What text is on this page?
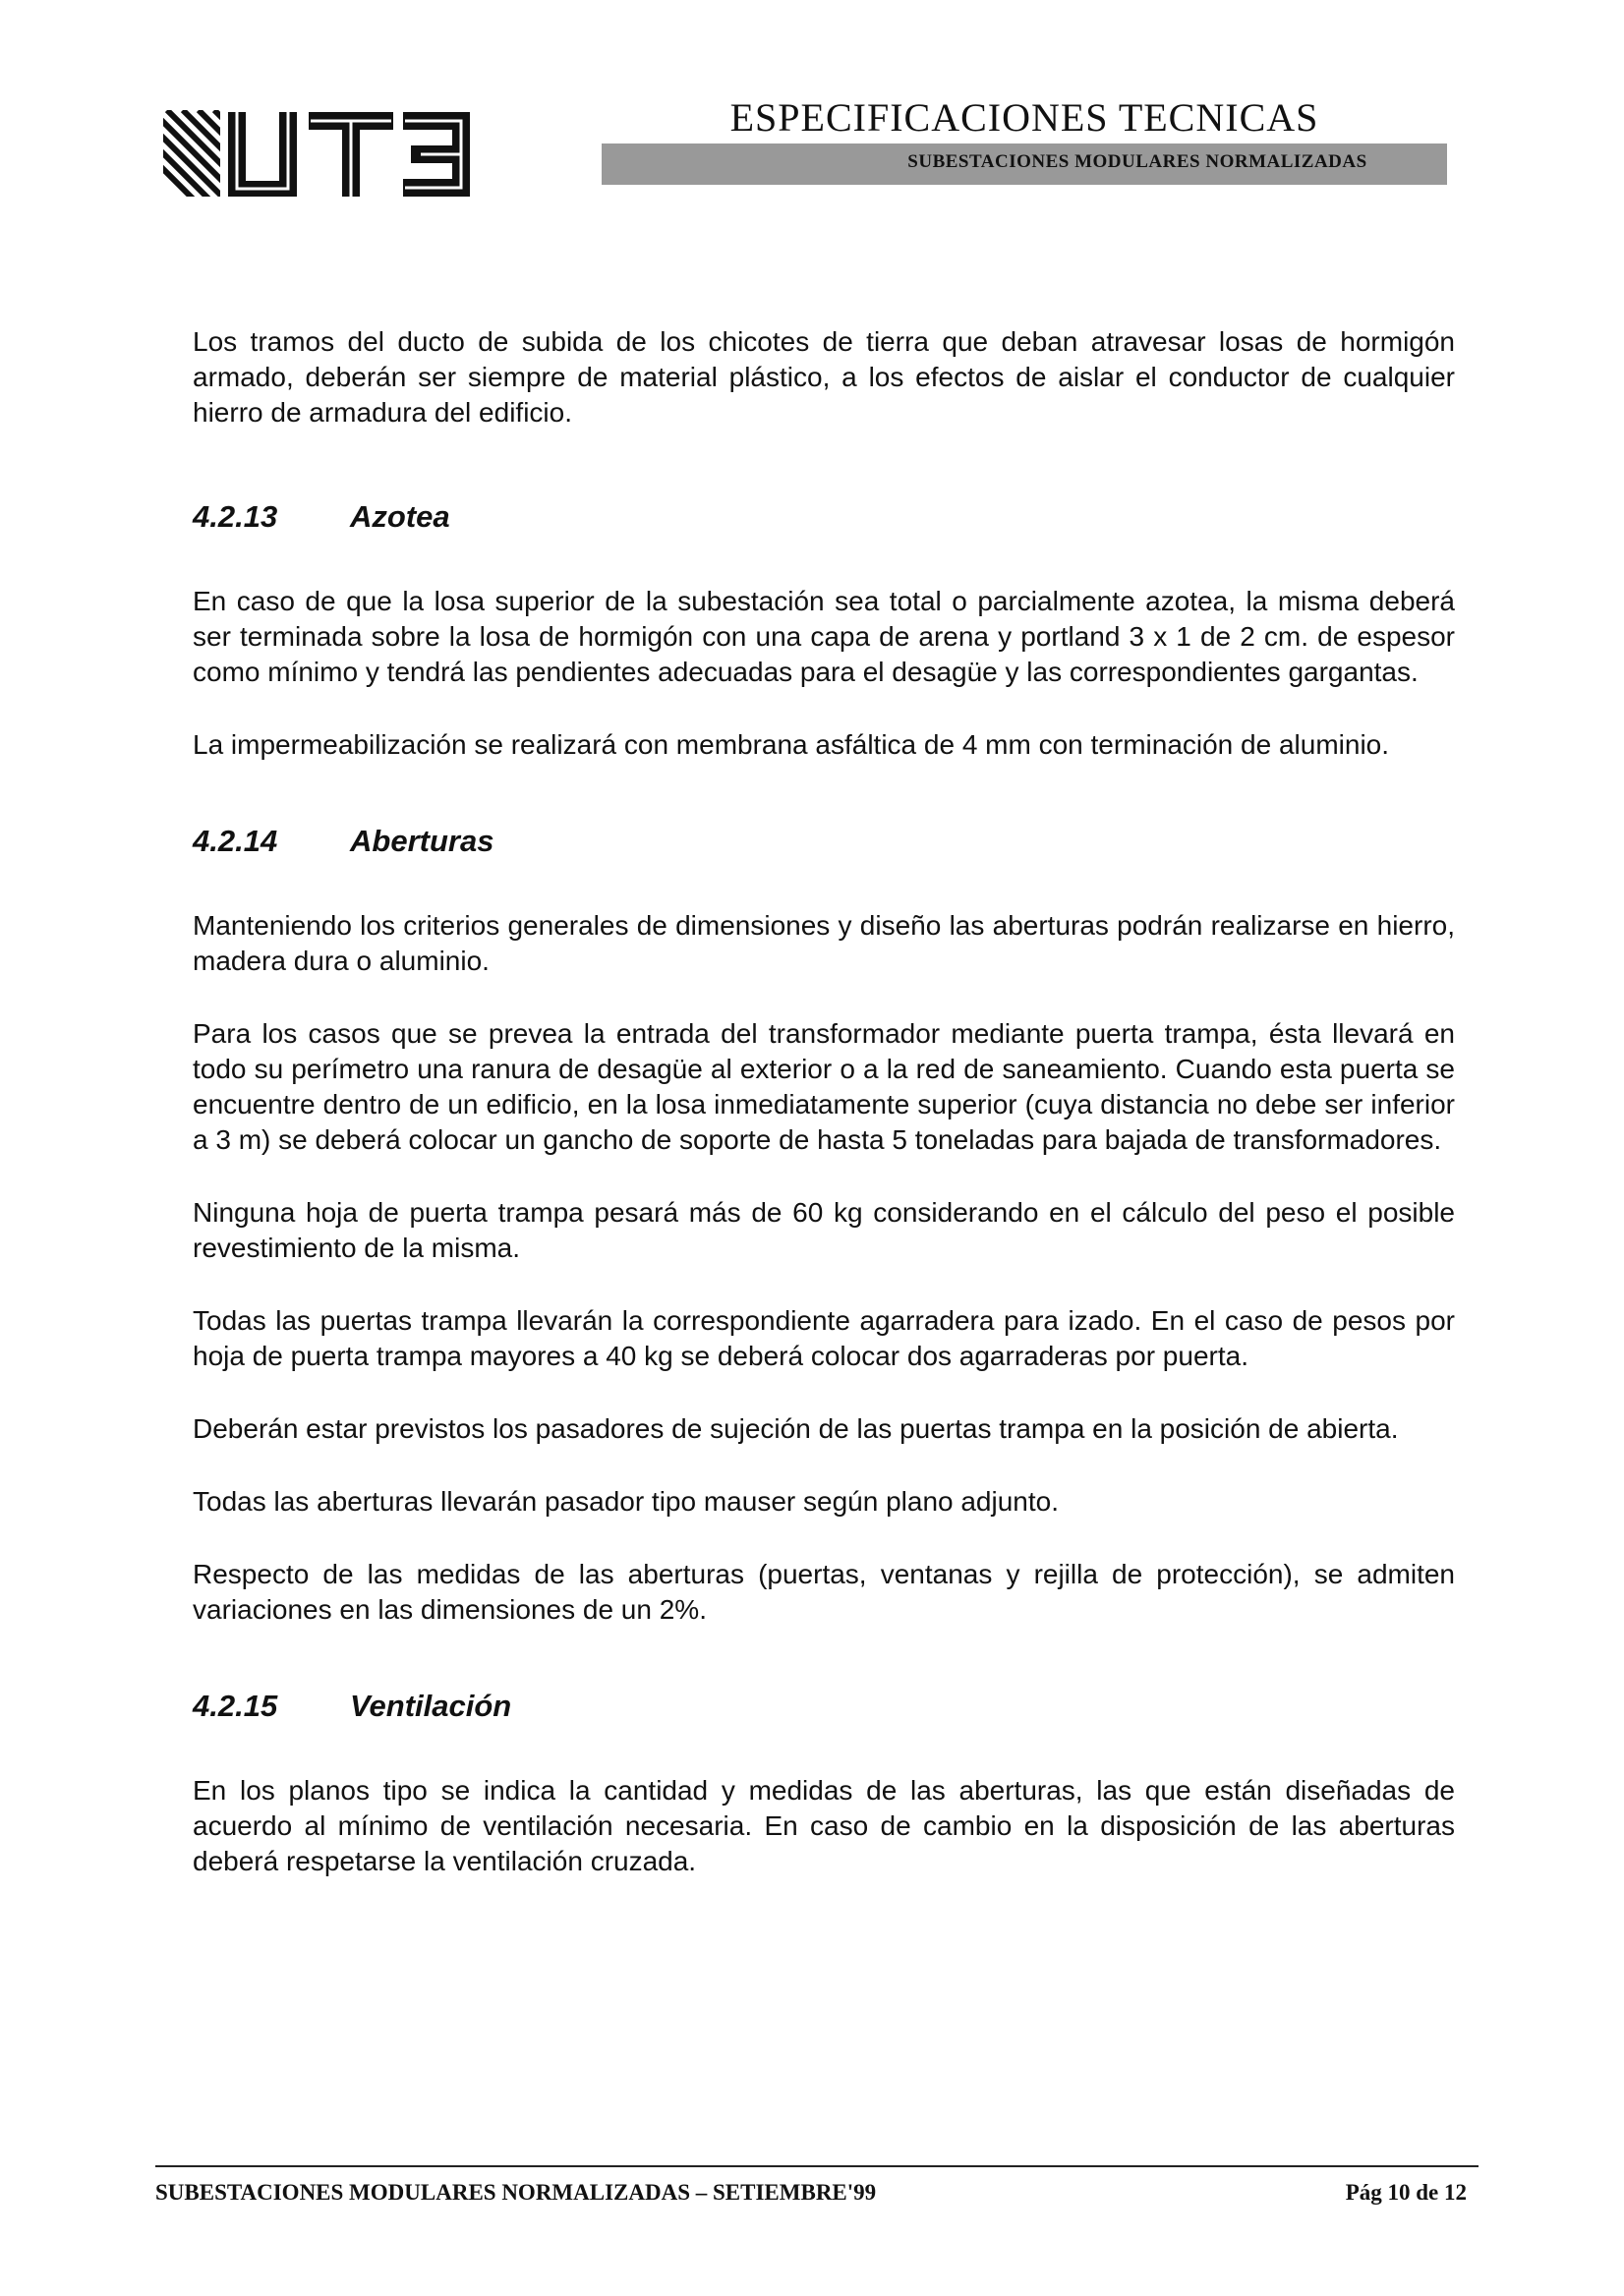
ESPECIFICACIONES TECNICAS
SUBESTACIONES MODULARES NORMALIZADAS

Los tramos del ducto de subida de los chicotes de tierra que deban atravesar losas de hormigón armado, deberán ser siempre de material plástico, a los efectos de aislar el conductor de cualquier hierro de armadura del edificio.

4.2.13	Azotea

En caso de que la losa superior de la subestación sea total o parcialmente azotea, la misma deberá ser terminada sobre la losa de hormigón con una capa de arena y portland 3 x 1 de 2 cm. de espesor como mínimo y tendrá las pendientes adecuadas para el desagüe y las correspondientes gargantas.

La impermeabilización se realizará con membrana asfáltica de 4 mm con terminación de aluminio.

4.2.14	Aberturas

Manteniendo los criterios generales de dimensiones y diseño las aberturas podrán realizarse en hierro, madera dura o aluminio.

Para los casos que se prevea la entrada del transformador mediante puerta trampa, ésta llevará en todo su perímetro una ranura de desagüe al exterior o a la red de saneamiento. Cuando esta puerta se encuentre dentro de un edificio, en la losa inmediatamente superior (cuya distancia no debe ser inferior a 3 m) se deberá colocar un gancho de soporte de hasta 5 toneladas para bajada de transformadores.

Ninguna hoja de puerta trampa pesará más de 60 kg considerando en el cálculo del peso el posible revestimiento de la misma.

Todas las puertas trampa llevarán la correspondiente agarradera para izado. En el caso de pesos por hoja de puerta trampa mayores a 40 kg se deberá colocar dos agarraderas por puerta.

Deberán estar previstos los pasadores de sujeción de las puertas trampa en la posición de abierta.

Todas las aberturas llevarán pasador tipo mauser según plano adjunto.

Respecto de las medidas de las aberturas (puertas, ventanas y rejilla de protección), se admiten variaciones en las dimensiones de un 2%.

4.2.15	Ventilación

En los planos tipo se indica la cantidad y medidas de las aberturas, las que están diseñadas de acuerdo al mínimo de ventilación necesaria. En caso de cambio en la disposición de las aberturas deberá respetarse la ventilación cruzada.

SUBESTACIONES MODULARES NORMALIZADAS – SETIEMBRE'99	Pág 10 de 12
